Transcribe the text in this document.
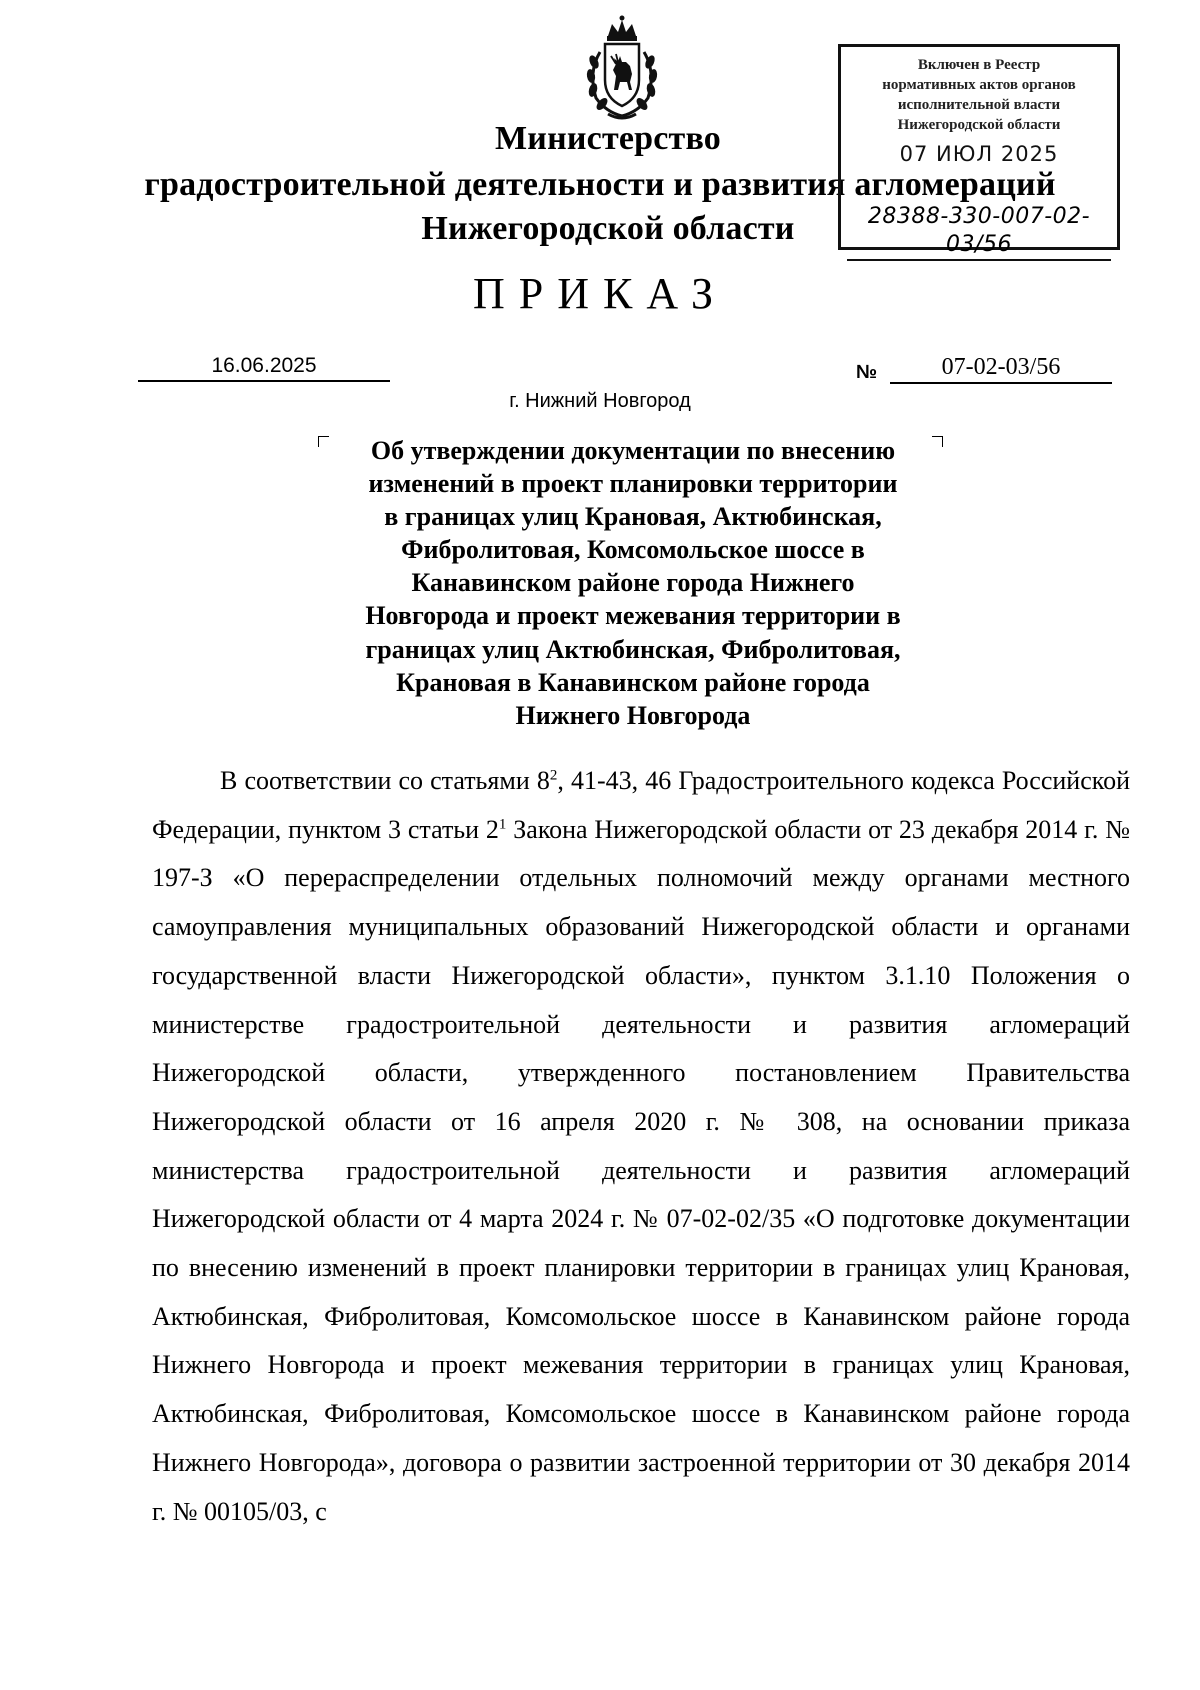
Министерство
градостроительной деятельности и развития агломераций
Нижегородской области
Включен в Реестр
нормативных актов органов
исполнительной власти
Нижегородской области
07 ИЮЛ 2025
28388-330-007-02-03/56
ПРИКАЗ
16.06.2025	№	07-02-03/56
г. Нижний Новгород
Об утверждении документации по внесению
изменений в проект планировки территории
в границах улиц Крановая, Актюбинская,
Фибролитовая, Комсомольское шоссе в
Канавинском районе города Нижнего
Новгорода и проект межевания территории в
границах улиц Актюбинская, Фибролитовая,
Крановая в Канавинском районе города
Нижнего Новгорода

В соответствии со статьями $8^2$, 41-43, 46 Градостроительного кодекса Российской Федерации, пунктом 3 статьи $2^1$ Закона Нижегородской области от 23 декабря 2014 г. № 197-З «О перераспределении отдельных полномочий между органами местного самоуправления муниципальных образований Нижегородской области и органами государственной власти Нижегородской области», пунктом 3.1.10 Положения о министерстве градостроительной деятельности и развития агломераций Нижегородской области, утвержденного постановлением Правительства Нижегородской области от 16 апреля 2020 г. № 308, на основании приказа министерства градостроительной деятельности и развития агломераций Нижегородской области от 4 марта 2024 г. № 07-02-02/35 «О подготовке документации по внесению изменений в проект планировки территории в границах улиц Крановая, Актюбинская, Фибролитовая, Комсомольское шоссе в Канавинском районе города Нижнего Новгорода и проект межевания территории в границах улиц Крановая, Актюбинская, Фибролитовая, Комсомольское шоссе в Канавинском районе города Нижнего Новгорода», договора о развитии застроенной территории от 30 декабря 2014 г. № 00105/03, с
